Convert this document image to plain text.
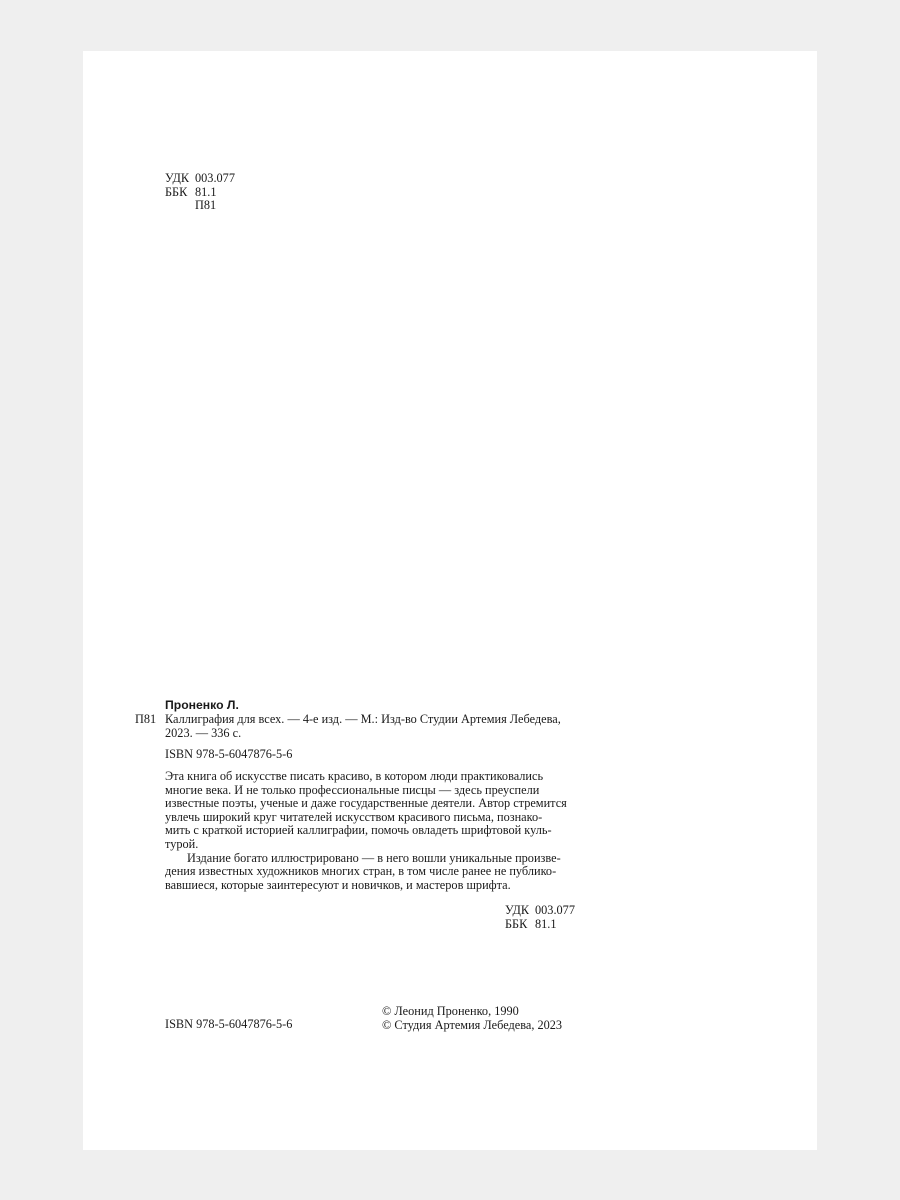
УДК 003.077
ББК 81.1
П81
Проненко Л.
П81 Каллиграфия для всех. — 4-е изд. — М.: Изд-во Студии Артемия Лебедева,
2023. — 336 с.
ISBN 978-5-6047876-5-6

Эта книга об искусстве писать красиво, в котором люди практиковались

многие века. И не только профессиональные писцы — здесь преуспели

известные поэты, ученые и даже государственные деятели. Автор стремится

увлечь широкий круг читателей искусством красивого письма, познако-

мить с краткой историей каллиграфии, помочь овладеть шрифтовой куль-

турой.

Издание богато иллюстрировано — в него вошли уникальные произве-

дения известных художников многих стран, в том числе ранее не публико-

вавшиеся, которые заинтересуют и новичков, и мастеров шрифта.

УДК 003.077
ББК 81.1
ISBN 978-5-6047876-5-6
© Леонид Проненко, 1990
© Студия Артемия Лебедева, 2023
